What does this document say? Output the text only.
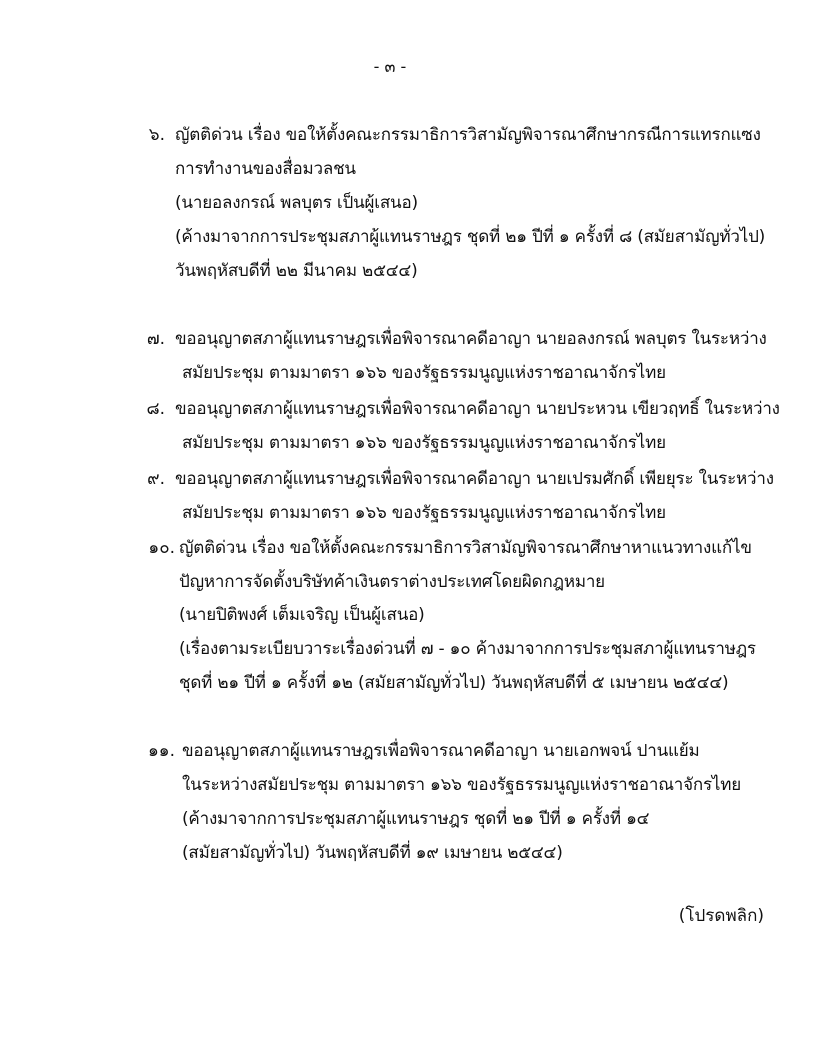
- ๓ -
๖. ญัตติด่วน เรื่อง ขอให้ตั้งคณะกรรมาธิการวิสามัญพิจารณาศึกษากรณีการแทรกแซง
การทำงานของสื่อมวลชน
(นายอลงกรณ์ พลบุตร เป็นผู้เสนอ)
(ค้างมาจากการประชุมสภาผู้แทนราษฎร ชุดที่ ๒๑ ปีที่ ๑ ครั้งที่ ๘ (สมัยสามัญทั่วไป)
วันพฤหัสบดีที่ ๒๒ มีนาคม ๒๕๔๔)
๗. ขออนุญาตสภาผู้แทนราษฎรเพื่อพิจารณาคดีอาญา นายอลงกรณ์ พลบุตร ในระหว่าง
สมัยประชุม ตามมาตรา ๑๖๖ ของรัฐธรรมนูญแห่งราชอาณาจักรไทย
๘. ขออนุญาตสภาผู้แทนราษฎรเพื่อพิจารณาคดีอาญา นายประหวน เขียวฤทธิ์ ในระหว่าง
สมัยประชุม ตามมาตรา ๑๖๖ ของรัฐธรรมนูญแห่งราชอาณาจักรไทย
๙. ขออนุญาตสภาผู้แทนราษฎรเพื่อพิจารณาคดีอาญา นายเปรมศักดิ์ เพียยุระ ในระหว่าง
สมัยประชุม ตามมาตรา ๑๖๖ ของรัฐธรรมนูญแห่งราชอาณาจักรไทย
๑๐. ญัตติด่วน เรื่อง ขอให้ตั้งคณะกรรมาธิการวิสามัญพิจารณาศึกษาหาแนวทางแก้ไข
ปัญหาการจัดตั้งบริษัทค้าเงินตราต่างประเทศโดยผิดกฎหมาย
(นายปิติพงศ์ เต็มเจริญ เป็นผู้เสนอ)
(เรื่องตามระเบียบวาระเรื่องด่วนที่ ๗ - ๑๐ ค้างมาจากการประชุมสภาผู้แทนราษฎร
ชุดที่ ๒๑ ปีที่ ๑ ครั้งที่ ๑๒ (สมัยสามัญทั่วไป) วันพฤหัสบดีที่ ๕ เมษายน ๒๕๔๔)
๑๑. ขออนุญาตสภาผู้แทนราษฎรเพื่อพิจารณาคดีอาญา นายเอกพจน์ ปานแย้ม
ในระหว่างสมัยประชุม ตามมาตรา ๑๖๖ ของรัฐธรรมนูญแห่งราชอาณาจักรไทย
(ค้างมาจากการประชุมสภาผู้แทนราษฎร ชุดที่ ๒๑ ปีที่ ๑ ครั้งที่ ๑๔
(สมัยสามัญทั่วไป) วันพฤหัสบดีที่ ๑๙ เมษายน ๒๕๔๔)
(โปรดพลิก)
